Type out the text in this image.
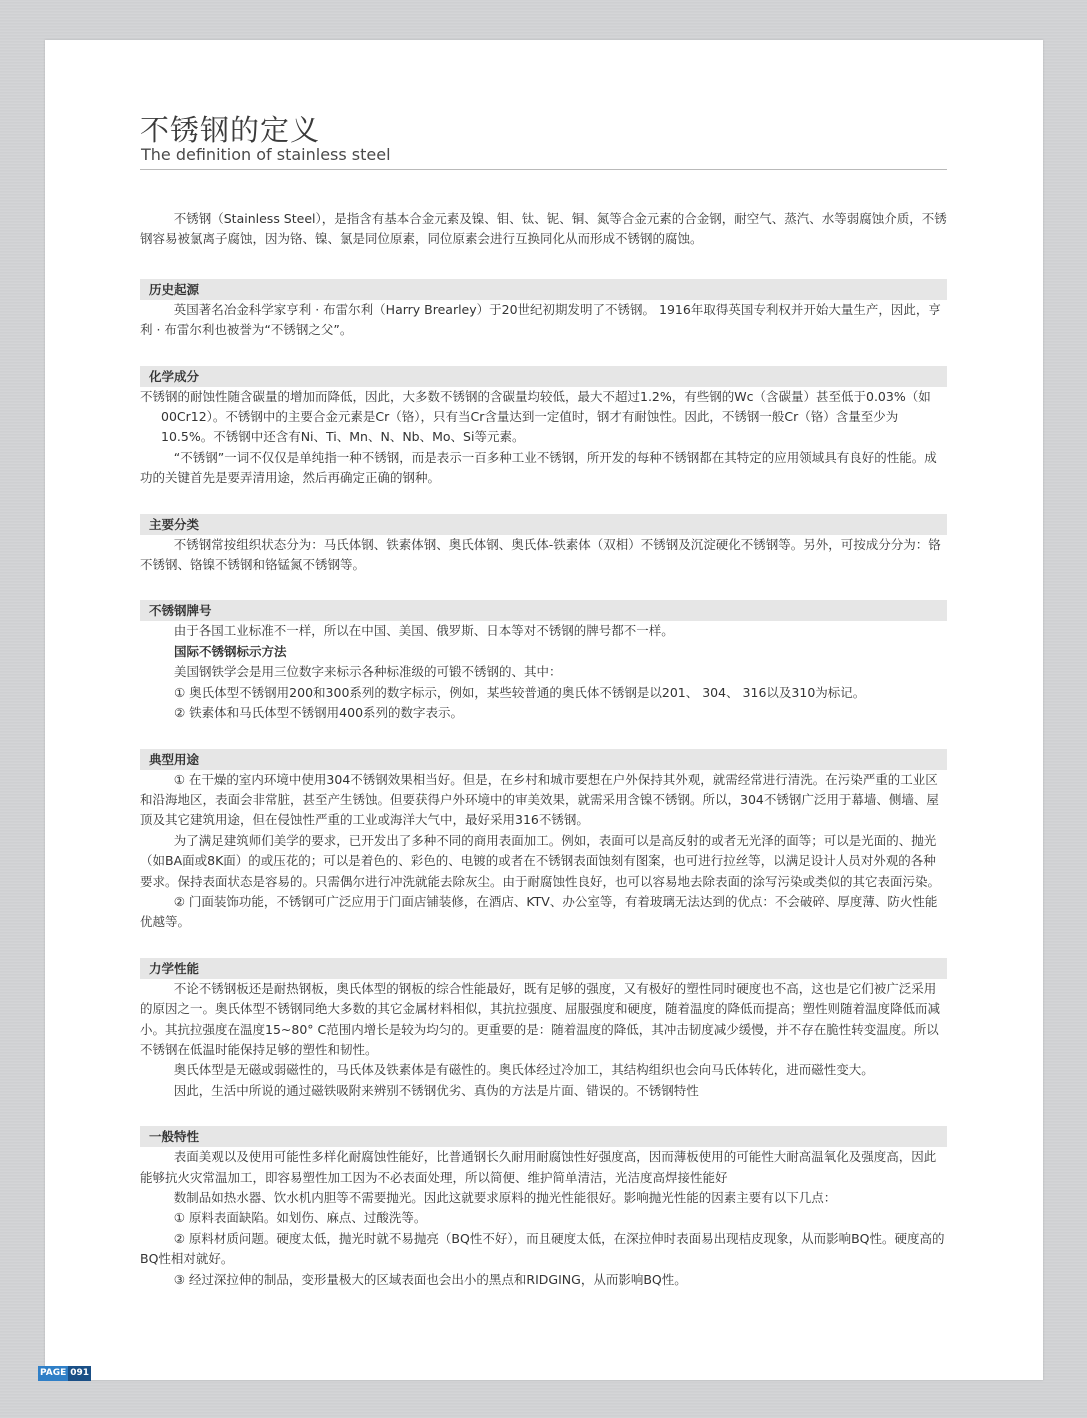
不锈钢的定义
The definition of stainless steel

不锈钢（Stainless Steel），是指含有基本合金元素及镍、钼、钛、铌、铜、氮等合金元素的合金钢，耐空气、蒸汽、水等弱腐蚀介质，不锈钢容易被氯离子腐蚀，因为铬、镍、氯是同位原素，同位原素会进行互换同化从而形成不锈钢的腐蚀。

历史起源

英国著名冶金科学家亨利 · 布雷尔利（Harry Brearley）于20世纪初期发明了不锈钢。 1916年取得英国专利权并开始大量生产，因此，亨利 · 布雷尔利也被誉为“不锈钢之父”。

化学成分

不锈钢的耐蚀性随含碳量的增加而降低，因此，大多数不锈钢的含碳量均较低，最大不超过1.2%，有些钢的Wc（含碳量）甚至低于0.03%（如00Cr12）。不锈钢中的主要合金元素是Cr（铬），只有当Cr含量达到一定值时，钢才有耐蚀性。因此，不锈钢一般Cr（铬）含量至少为10.5%。不锈钢中还含有Ni、Ti、Mn、N、Nb、Mo、Si等元素。

“不锈钢”一词不仅仅是单纯指一种不锈钢，而是表示一百多种工业不锈钢，所开发的每种不锈钢都在其特定的应用领域具有良好的性能。成功的关键首先是要弄清用途，然后再确定正确的钢种。

主要分类

不锈钢常按组织状态分为：马氏体钢、铁素体钢、奥氏体钢、奥氏体-铁素体（双相）不锈钢及沉淀硬化不锈钢等。另外，可按成分分为：铬不锈钢、铬镍不锈钢和铬锰氮不锈钢等。

不锈钢牌号

由于各国工业标准不一样，所以在中国、美国、俄罗斯、日本等对不锈钢的牌号都不一样。

国际不锈钢标示方法

美国钢铁学会是用三位数字来标示各种标准级的可锻不锈钢的、其中：

① 奥氏体型不锈钢用200和300系列的数字标示，例如，某些较普通的奥氏体不锈钢是以201、 304、 316以及310为标记。

② 铁素体和马氏体型不锈钢用400系列的数字表示。

典型用途

① 在干燥的室内环境中使用304不锈钢效果相当好。但是，在乡村和城市要想在户外保持其外观，就需经常进行清洗。在污染严重的工业区和沿海地区，表面会非常脏，甚至产生锈蚀。但要获得户外环境中的审美效果，就需采用含镍不锈钢。所以，304不锈钢广泛用于幕墙、侧墙、屋顶及其它建筑用途，但在侵蚀性严重的工业或海洋大气中，最好采用316不锈钢。

为了满足建筑师们美学的要求，已开发出了多种不同的商用表面加工。例如，表面可以是高反射的或者无光泽的面等；可以是光面的、抛光（如BA面或8K面）的或压花的；可以是着色的、彩色的、电镀的或者在不锈钢表面蚀刻有图案，也可进行拉丝等，以满足设计人员对外观的各种要求。保持表面状态是容易的。只需偶尔进行冲洗就能去除灰尘。由于耐腐蚀性良好，也可以容易地去除表面的涂写污染或类似的其它表面污染。

② 门面装饰功能，不锈钢可广泛应用于门面店铺装修，在酒店、KTV、办公室等，有着玻璃无法达到的优点：不会破碎、厚度薄、防火性能优越等。

力学性能

不论不锈钢板还是耐热钢板，奥氏体型的钢板的综合性能最好，既有足够的强度，又有极好的塑性同时硬度也不高，这也是它们被广泛采用的原因之一。奥氏体型不锈钢同绝大多数的其它金属材料相似，其抗拉强度、屈服强度和硬度，随着温度的降低而提高；塑性则随着温度降低而减小。其抗拉强度在温度15~80° C范围内增长是较为均匀的。更重要的是：随着温度的降低，其冲击韧度减少缓慢，并不存在脆性转变温度。所以不锈钢在低温时能保持足够的塑性和韧性。

奥氏体型是无磁或弱磁性的，马氏体及铁素体是有磁性的。奥氏体经过冷加工，其结构组织也会向马氏体转化，进而磁性变大。

因此，生活中所说的通过磁铁吸附来辨别不锈钢优劣、真伪的方法是片面、错误的。不锈钢特性

一般特性

表面美观以及使用可能性多样化耐腐蚀性能好，比普通钢长久耐用耐腐蚀性好强度高，因而薄板使用的可能性大耐高温氧化及强度高，因此能够抗火灾常温加工，即容易塑性加工因为不必表面处理，所以简便、维护简单清洁，光洁度高焊接性能好

数制品如热水器、饮水机内胆等不需要抛光。因此这就要求原料的抛光性能很好。影响抛光性能的因素主要有以下几点：

① 原料表面缺陷。如划伤、麻点、过酸洗等。

② 原料材质问题。硬度太低，抛光时就不易抛亮（BQ性不好），而且硬度太低，在深拉伸时表面易出现桔皮现象，从而影响BQ性。硬度高的BQ性相对就好。

③ 经过深拉伸的制品，变形量极大的区域表面也会出小的黑点和RIDGING，从而影响BQ性。

PAGE 091
